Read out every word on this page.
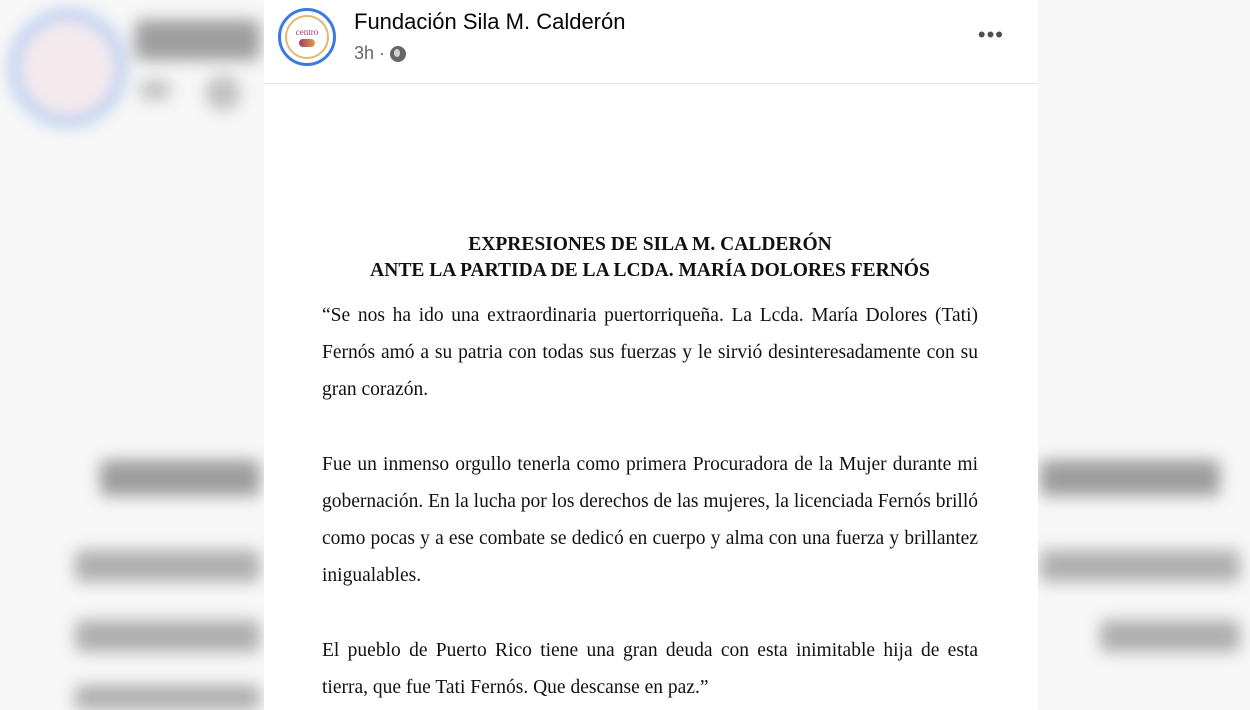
centro Fundación Sila M. Calderón
3h ·
•••
EXPRESIONES DE SILA M. CALDERÓN
ANTE LA PARTIDA DE LA LCDA. MARÍA DOLORES FERNÓS

“Se nos ha ido una extraordinaria puertorriqueña. La Lcda. María Dolores (Tati) Fernós amó a su patria con todas sus fuerzas y le sirvió desinteresadamente con su gran corazón.

Fue un inmenso orgullo tenerla como primera Procuradora de la Mujer durante mi gobernación. En la lucha por los derechos de las mujeres, la licenciada Fernós brilló como pocas y a ese combate se dedicó en cuerpo y alma con una fuerza y brillantez inigualables.

El pueblo de Puerto Rico tiene una gran deuda con esta inimitable hija de esta tierra, que fue Tati Fernós. Que descanse en paz.”
